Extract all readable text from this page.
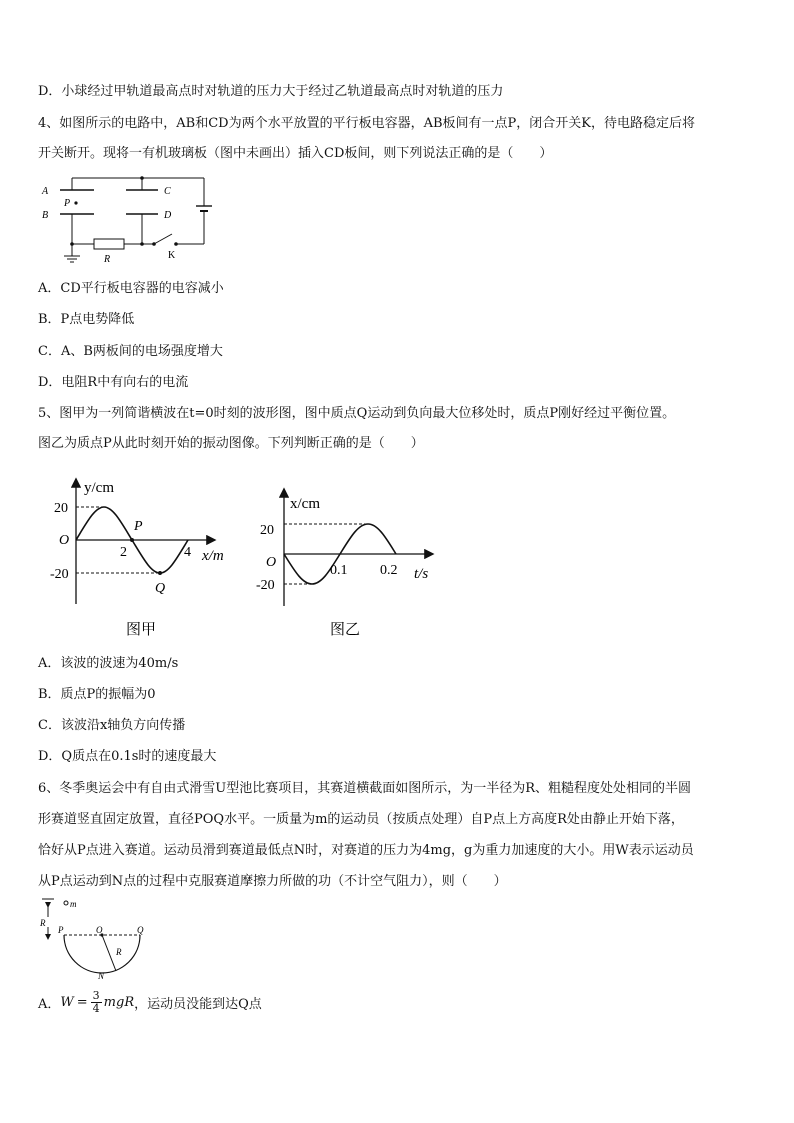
D．小球经过甲轨道最高点时对轨道的压力大于经过乙轨道最高点时对轨道的压力
4、如图所示的电路中，AB和CD为两个水平放置的平行板电容器，AB板间有一点P，闭合开关K，待电路稳定后将
开关断开。现将一有机玻璃板（图中未画出）插入CD板间，则下列说法正确的是（　　）
A
B
P
C
D
R	K
A．CD平行板电容器的电容减小
B．P点电势降低
C．A、B两板间的电场强度增大
D．电阻R中有向右的电流
5、图甲为一列简谐横波在t=0时刻的波形图，图中质点Q运动到负向最大位移处时，质点P刚好经过平衡位置。
图乙为质点P从此时刻开始的振动图像。下列判断正确的是（　　）
y/cm
20
O
-20
2	4 x/m
P
Q
图甲
x/cm
20
O
-20
0.1 0.2 t/s
图乙
A．该波的波速为40m/s
B．质点P的振幅为0
C．该波沿x轴负方向传播
D．Q质点在0.1s时的速度最大
6、冬季奥运会中有自由式滑雪U型池比赛项目，其赛道横截面如图所示，为一半径为R、粗糙程度处处相同的半圆
形赛道竖直固定放置，直径POQ水平。一质量为m的运动员（按质点处理）自P点上方高度R处由静止开始下落，
恰好从P点进入赛道。运动员滑到赛道最低点N时，对赛道的压力为4mg，g为重力加速度的大小。用W表示运动员
从P点运动到N点的过程中克服赛道摩擦力所做的功（不计空气阻力），则（　　）
m
R
P	O	Q
R
N
A． $W = \frac{3}{4}$ mgR ，运动员没能到达Q点
